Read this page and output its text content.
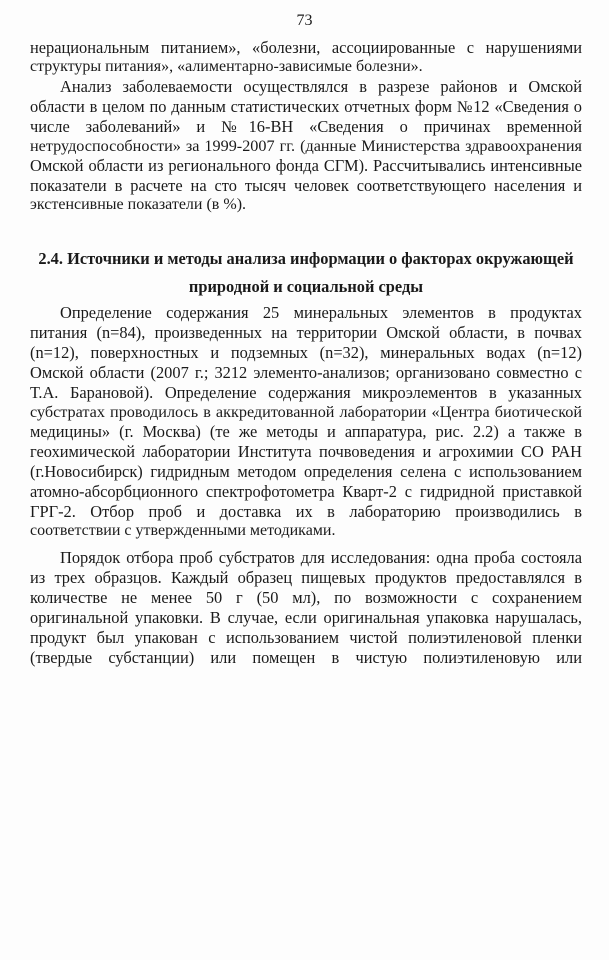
73
нерациональным питанием», «болезни, ассоциированные с нарушениями
структуры питания», «алиментарно-зависимые болезни».
Анализ заболеваемости осуществлялся в разрезе районов и Омской
области в целом по данным статистических отчетных форм №12 «Сведения о
числе заболеваний» и №16-ВН «Сведения о причинах временной
нетрудоспособности» за 1999-2007 гг. (данные Министерства здравоохранения
Омской области из регионального фонда СГМ). Рассчитывались интенсивные
показатели в расчете на сто тысяч человек соответствующего населения и
экстенсивные показатели (в %).
2.4. Источники и методы анализа информации о факторах окружающей
природной и социальной среды
Определение содержания 25 минеральных элементов в продуктах
питания (n=84), произведенных на территории Омской области, в почвах
(n=12), поверхностных и подземных (n=32), минеральных водах (n=12)
Омской области (2007 г.; 3212 элементо-анализов; организовано совместно с
Т.А. Барановой). Определение содержания микроэлементов в указанных
субстратах проводилось в аккредитованной лаборатории «Центра биотической
медицины» (г. Москва) (те же методы и аппаратура, рис. 2.2) а также в
геохимической лаборатории Института почвоведения и агрохимии СО РАН
(г.Новосибирск) гидридным методом определения селена с использованием
атомно-абсорбционного спектрофотометра Кварт-2 с гидридной приставкой
ГРГ-2. Отбор проб и доставка их в лабораторию производились в
соответствии с утвержденными методиками.
Порядок отбора проб субстратов для исследования: одна проба состояла
из трех образцов. Каждый образец пищевых продуктов предоставлялся в
количестве не менее 50 г (50 мл), по возможности с сохранением
оригинальной упаковки. В случае, если оригинальная упаковка нарушалась,
продукт был упакован с использованием чистой полиэтиленовой пленки
(твердые субстанции) или помещен в чистую полиэтиленовую или
